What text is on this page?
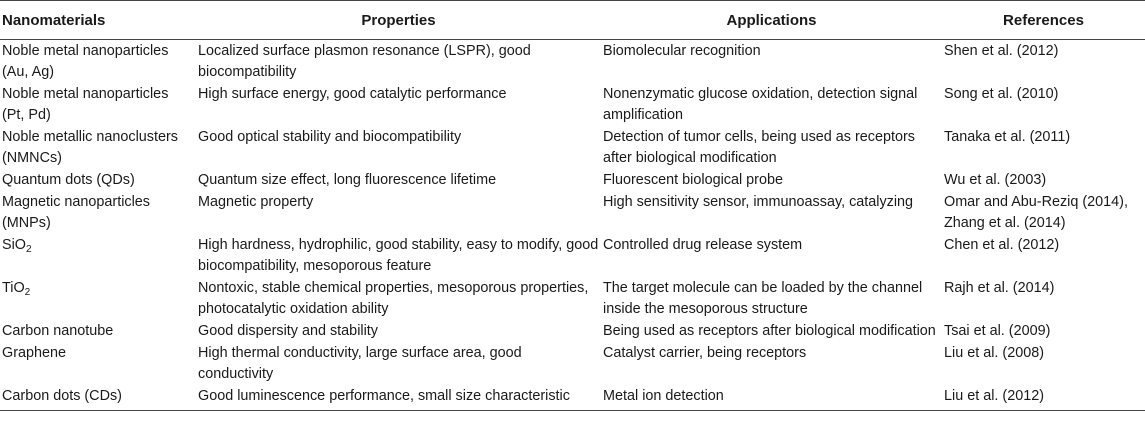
Nanomaterials	Properties	Applications	References
Noble metal nanoparticles (Au, Ag)	Localized surface plasmon resonance (LSPR), good biocompatibility	Biomolecular recognition	Shen et al. (2012)
Noble metal nanoparticles (Pt, Pd)	High surface energy, good catalytic performance	Nonenzymatic glucose oxidation, detection signal amplification	Song et al. (2010)
Noble metallic nanoclusters (NMNCs)	Good optical stability and biocompatibility	Detection of tumor cells, being used as receptors after biological modification	Tanaka et al. (2011)
Quantum dots (QDs)	Quantum size effect, long fluorescence lifetime	Fluorescent biological probe	Wu et al. (2003)
Magnetic nanoparticles (MNPs)	Magnetic property	High sensitivity sensor, immunoassay, catalyzing	Omar and Abu-Reziq (2014), Zhang et al. (2014)
SiO$_2$	High hardness, hydrophilic, good stability, easy to modify, good biocompatibility, mesoporous feature	Controlled drug release system	Chen et al. (2012)
TiO$_2$	Nontoxic, stable chemical properties, mesoporous properties, photocatalytic oxidation ability	The target molecule can be loaded by the channel inside the mesoporous structure	Rajh et al. (2014)
Carbon nanotube	Good dispersity and stability	Being used as receptors after biological modification	Tsai et al. (2009)
Graphene	High thermal conductivity, large surface area, good conductivity	Catalyst carrier, being receptors	Liu et al. (2008)
Carbon dots (CDs)	Good luminescence performance, small size characteristic	Metal ion detection	Liu et al. (2012)
